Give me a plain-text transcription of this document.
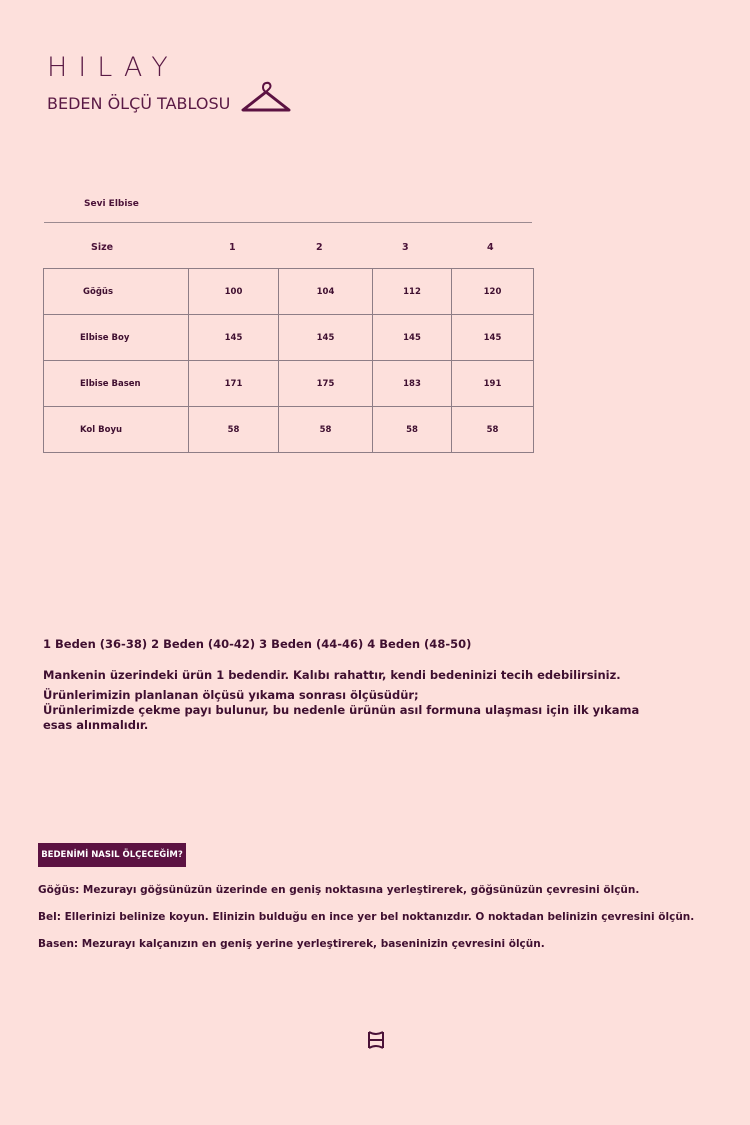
HILAY
BEDEN ÖLÇÜ TABLOSU
Sevi Elbise
Size	1	2	3	4
Göğüs	100	104	112	120
Elbise Boy	145	145	145	145
Elbise Basen	171	175	183	191
Kol Boyu	58	58	58	58
1 Beden (36-38) 2 Beden (40-42) 3 Beden (44-46) 4 Beden (48-50)
Mankenin üzerindeki ürün 1 bedendir. Kalıbı rahattır, kendi bedeninizi tecih edebilirsiniz.
Ürünlerimizin planlanan ölçüsü yıkama sonrası ölçüsüdür;
Ürünlerimizde çekme payı bulunur, bu nedenle ürünün asıl formuna ulaşması için ilk yıkama
esas alınmalıdır.
BEDENİMİ NASIL ÖLÇECEĞİM?
Göğüs: Mezurayı göğsünüzün üzerinde en geniş noktasına yerleştirerek, göğsünüzün çevresini ölçün.
Bel: Ellerinizi belinize koyun. Elinizin bulduğu en ince yer bel noktanızdır. O noktadan belinizin çevresini ölçün.
Basen: Mezurayı kalçanızın en geniş yerine yerleştirerek, baseninizin çevresini ölçün.
